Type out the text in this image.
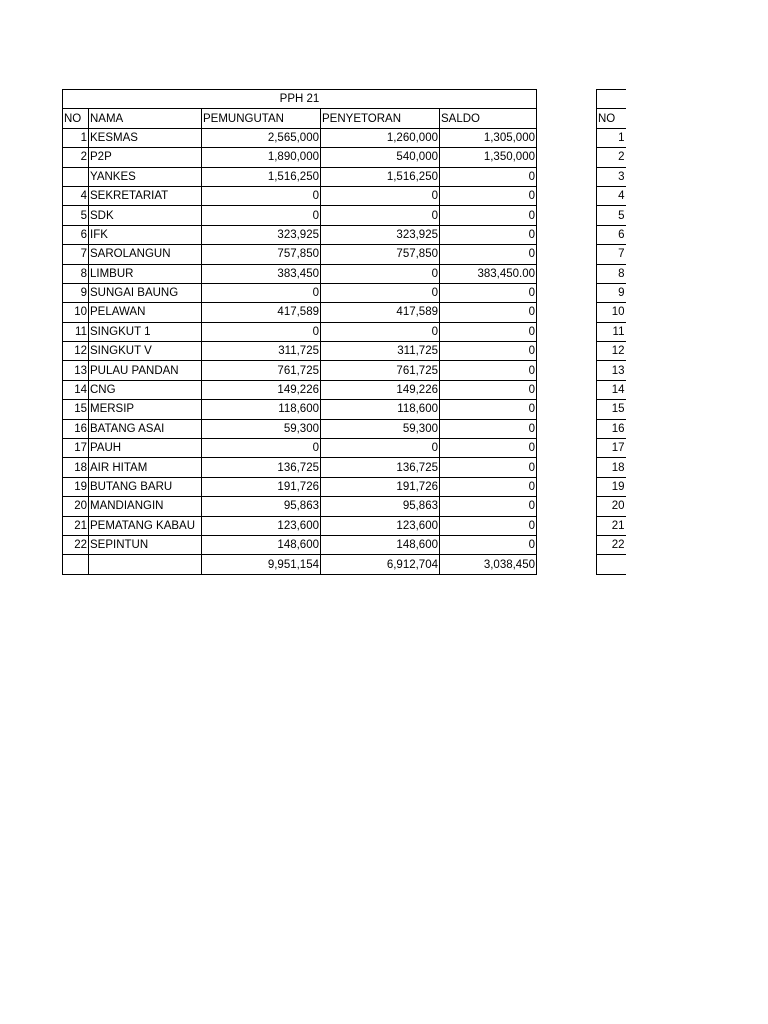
PPH 21				
NO	NAMA	PEMUNGUTAN	PENYETORAN	SALDO
1	KESMAS	2,565,000	1,260,000	1,305,000
2	P2P	1,890,000	540,000	1,350,000
	YANKES	1,516,250	1,516,250	0
4	SEKRETARIAT	0	0	0
5	SDK	0	0	0
6	IFK	323,925	323,925	0
7	SAROLANGUN	757,850	757,850	0
8	LIMBUR	383,450	0	383,450.00
9	SUNGAI BAUNG	0	0	0
10	PELAWAN	417,589	417,589	0
11	SINGKUT 1	0	0	0
12	SINGKUT V	311,725	311,725	0
13	PULAU PANDAN	761,725	761,725	0
14	CNG	149,226	149,226	0
15	MERSIP	118,600	118,600	0
16	BATANG ASAI	59,300	59,300	0
17	PAUH	0	0	0
18	AIR HITAM	136,725	136,725	0
19	BUTANG BARU	191,726	191,726	0
20	MANDIANGIN	95,863	95,863	0
21	PEMATANG KABAU	123,600	123,600	0
22	SEPINTUN	148,600	148,600	0
		9,951,154	6,912,704	3,038,450

NO
1
2
3
4
5
6
7
8
9
10
11
12
13
14
15
16
17
18
19
20
21
22
